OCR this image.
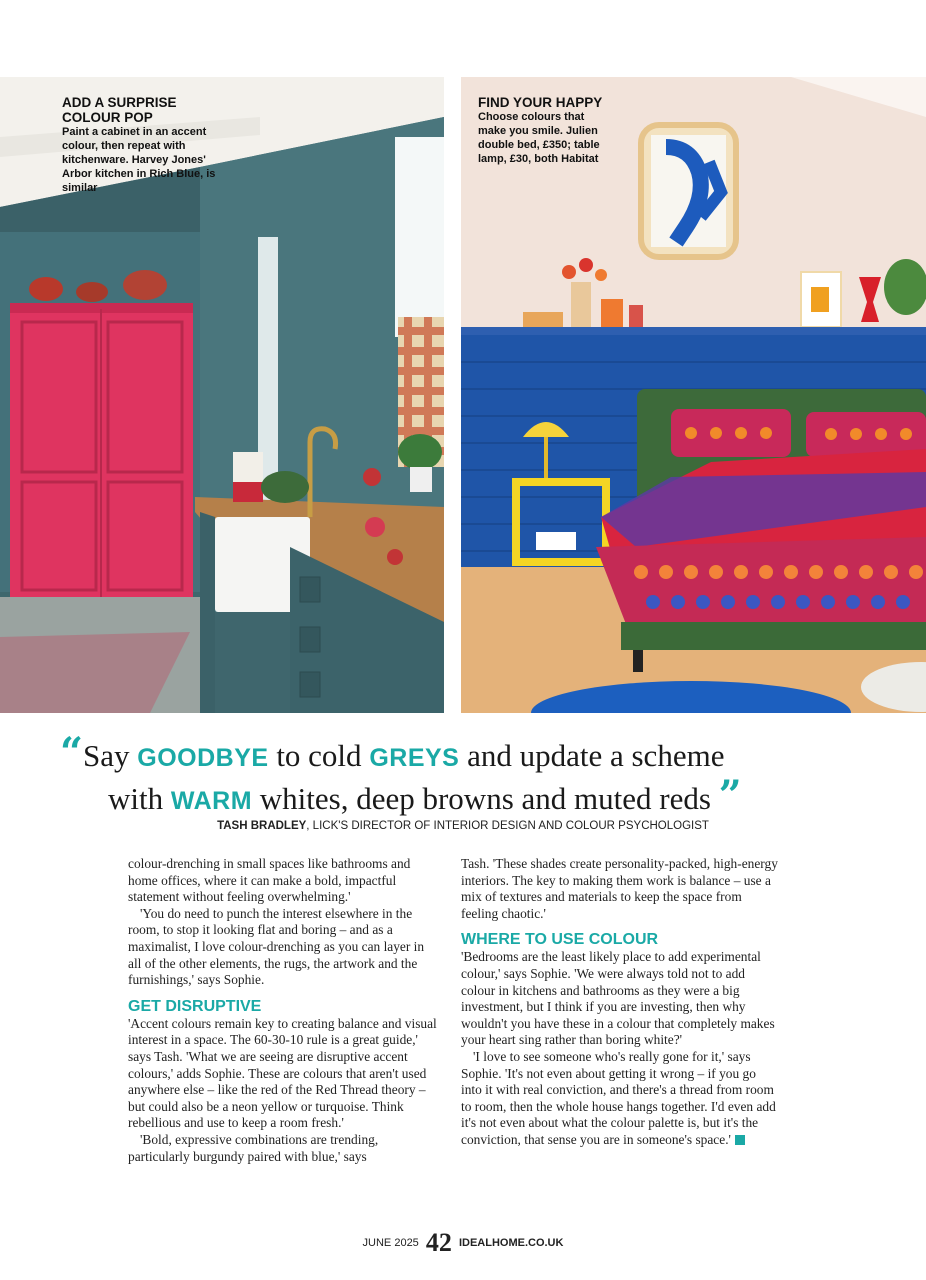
ADD A SURPRISE COLOUR POP
Paint a cabinet in an accent colour, then repeat with kitchenware. Harvey Jones' Arbor kitchen in Rich Blue, is similar
FIND YOUR HAPPY
Choose colours that make you smile. Julien double bed, £350; table lamp, £30, both Habitat
“Say GOODBYE to cold GREYS and update a scheme
with WARM whites, deep browns and muted reds ”
TASH BRADLEY, LICK'S DIRECTOR OF INTERIOR DESIGN AND COLOUR PSYCHOLOGIST

colour-drenching in small spaces like bathrooms and home offices, where it can make a bold, impactful statement without feeling overwhelming.'

'You do need to punch the interest elsewhere in the room, to stop it looking flat and boring – and as a maximalist, I love colour-drenching as you can layer in all of the other elements, the rugs, the artwork and the furnishings,' says Sophie.

GET DISRUPTIVE

'Accent colours remain key to creating balance and visual interest in a space. The 60-30-10 rule is a great guide,' says Tash. 'What we are seeing are disruptive accent colours,' adds Sophie. These are colours that aren't used anywhere else – like the red of the Red Thread theory – but could also be a neon yellow or turquoise. Think rebellious and use to keep a room fresh.'

'Bold, expressive combinations are trending, particularly burgundy paired with blue,' says

Tash. 'These shades create personality-packed, high-energy interiors. The key to making them work is balance – use a mix of textures and materials to keep the space from feeling chaotic.'

WHERE TO USE COLOUR

'Bedrooms are the least likely place to add experimental colour,' says Sophie. 'We were always told not to add colour in kitchens and bathrooms as they were a big investment, but I think if you are investing, then why wouldn't you have these in a colour that completely makes your heart sing rather than boring white?'

'I love to see someone who's really gone for it,' says Sophie. 'It's not even about getting it wrong – if you go into it with real conviction, and there's a thread from room to room, then the whole house hangs together. I'd even add it's not even about what the colour palette is, but it's the conviction, that sense you are in someone's space.'

JUNE 2025 42 IDEALHOME.CO.UK
